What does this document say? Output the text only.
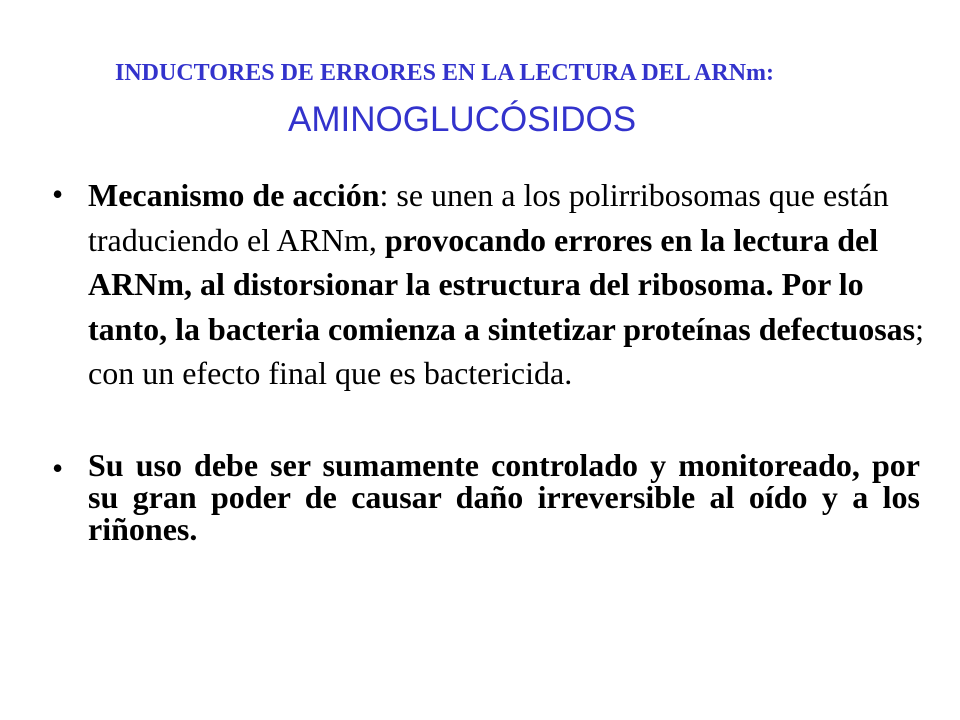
INDUCTORES DE ERRORES EN LA LECTURA DEL ARNm:
AMINOGLUCÓSIDOS
• Mecanismo de acción: se unen a los polirribosomas que están traduciendo el ARNm, provocando errores en la lectura del ARNm, al distorsionar la estructura del ribosoma. Por lo tanto, la bacteria comienza a sintetizar proteínas defectuosas; con un efecto final que es bactericida.
• Su uso debe ser sumamente controlado y monitoreado, por su gran poder de causar daño irreversible al oído y a los riñones.
